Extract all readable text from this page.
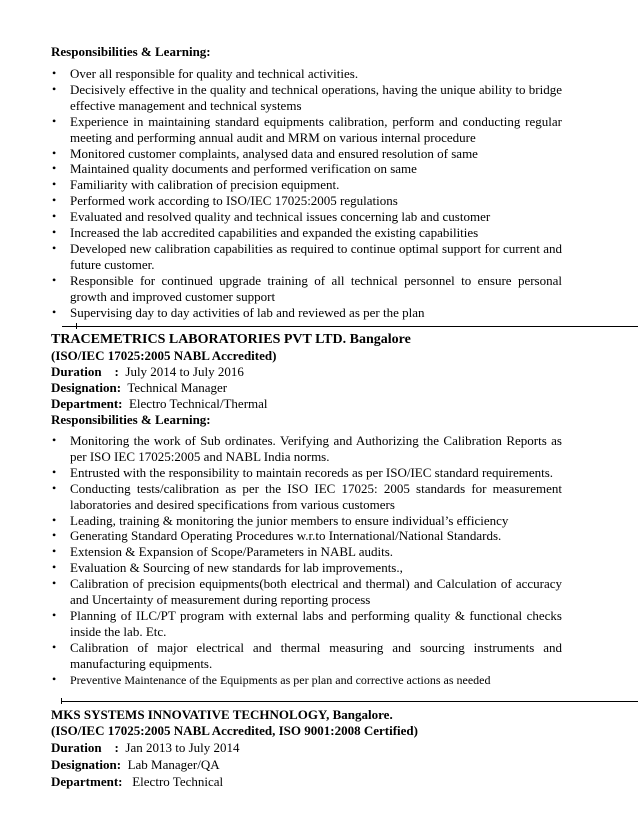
Responsibilities & Learning:
• Over all responsible for quality and technical activities.
• Decisively effective in the quality and technical operations, having the unique ability to bridge effective management and technical systems
• Experience in maintaining standard equipments calibration, perform and conducting regular meeting and performing annual audit and MRM on various internal procedure
• Monitored customer complaints, analysed data and ensured resolution of same
• Maintained quality documents and performed verification on same
• Familiarity with calibration of precision equipment.
• Performed work according to ISO/IEC 17025:2005 regulations
• Evaluated and resolved quality and technical issues concerning lab and customer
• Increased the lab accredited capabilities and expanded the existing capabilities
• Developed new calibration capabilities as required to continue optimal support for current and future customer.
• Responsible for continued upgrade training of all technical personnel to ensure personal growth and improved customer support
• Supervising day to day activities of lab and reviewed as per the plan
TRACEMETRICS LABORATORIES PVT LTD. Bangalore
(ISO/IEC 17025:2005 NABL Accredited)
Duration    : July 2014 to July 2016
Designation: Technical Manager
Department: Electro Technical/Thermal
Responsibilities & Learning:
• Monitoring the work of Sub ordinates. Verifying and Authorizing the Calibration Reports as per ISO IEC 17025:2005 and NABL India norms.
• Entrusted with the responsibility to maintain recoreds as per ISO/IEC standard requirements.
• Conducting tests/calibration as per the ISO IEC 17025: 2005 standards for measurement laboratories and desired specifications from various customers
• Leading, training & monitoring the junior members to ensure individual’s efficiency
• Generating Standard Operating Procedures w.r.to International/National Standards.
• Extension & Expansion of Scope/Parameters in NABL audits.
• Evaluation & Sourcing of new standards for lab improvements.,
• Calibration of precision equipments(both electrical and thermal) and Calculation of accuracy and Uncertainty of measurement during reporting process
• Planning of ILC/PT program with external labs and performing quality & functional checks inside the lab. Etc.
• Calibration of major electrical and thermal measuring and sourcing instruments and manufacturing equipments.
• Preventive Maintenance of the Equipments as per plan and corrective actions as needed
MKS SYSTEMS INNOVATIVE TECHNOLOGY, Bangalore.
(ISO/IEC 17025:2005 NABL Accredited, ISO 9001:2008 Certified)
Duration    : Jan 2013 to July 2014
Designation: Lab Manager/QA
Department: Electro Technical
